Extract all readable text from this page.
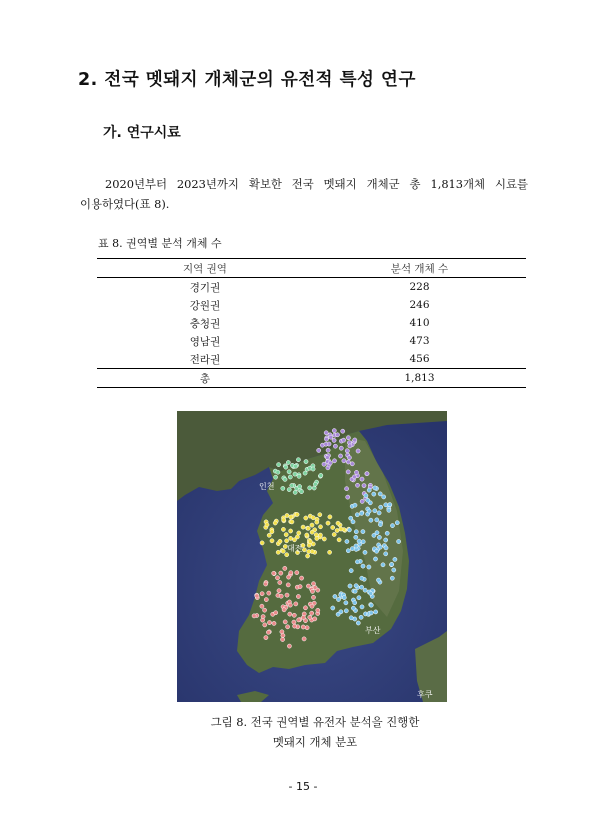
2. 전국 멧돼지 개체군의 유전적 특성 연구
가. 연구시료

2020년부터 2023년까지 확보한 전국 멧돼지 개체군 총 1,813개체 시료를
이용하였다(표 8).

표 8. 권역별 분석 개체 수

지역 권역	분석 개체 수
경기권	228
강원권	246
충청권	410
영남권	473
전라권	456
총	1,813
인천
대전
부산
후쿠

그림 8. 전국 권역별 유전자 분석을 진행한
멧돼지 개체 분포

- 15 -
